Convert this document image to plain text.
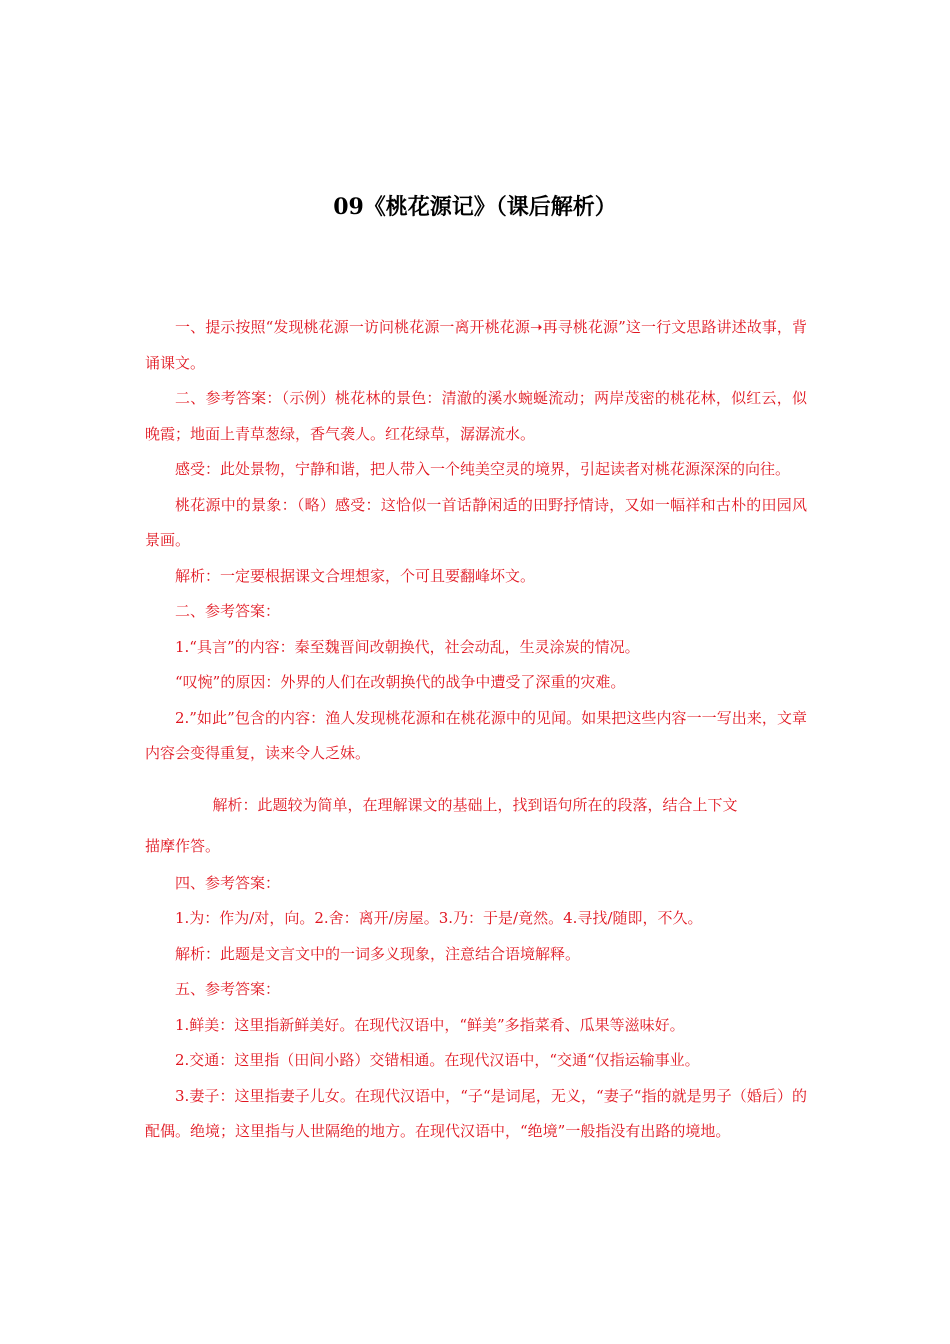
09《桃花源记》（课后解析）

一、提示按照“发现桃花源一访问桃花源一离开桃花源➝再寻桃花源”这一行文思路讲述故事，背诵课文。

二、参考答案：（示例）桃花林的景色：清澈的溪水蜿蜒流动；两岸茂密的桃花林，似红云，似晚霞；地面上青草葱绿，香气袭人。红花绿草，潺潺流水。

感受：此处景物，宁静和谐，把人带入一个纯美空灵的境界，引起读者对桃花源深深的向往。

桃花源中的景象：（略）感受：这恰似一首话静闲适的田野抒情诗，又如一幅祥和古朴的田园风景画。

解析：一定要根据课文合埋想家，个可且要翻峰坏文。

二、参考答案：

1.“具言”的内容：秦至魏晋间改朝换代，社会动乱，生灵涂炭的情况。

“叹惋”的原因：外界的人们在改朝换代的战争中遭受了深重的灾难。

2.”如此”包含的内容：渔人发现桃花源和在桃花源中的见闻。如果把这些内容一一写出来，文章内容会变得重复，读来令人乏妹。

解析：此题较为简单，在理解课文的基础上，找到语句所在的段落，结合上下文

描摩作答。

四、参考答案：

1.为：作为/对，向。2.舍：离开/房屋。3.乃：于是/竟然。4.寻找/随即，不久。

解析：此题是文言文中的一词多义现象，注意结合语境解释。

五、参考答案：

1.鲜美：这里指新鲜美好。在现代汉语中，“鲜美”多指菜肴、瓜果等滋味好。

2.交通：这里指（田间小路）交错相通。在现代汉语中，“交通“仅指运输事业。

3.妻子：这里指妻子儿女。在现代汉语中，“子“是词尾，无义，“妻子“指的就是男子（婚后）的配偶。绝境；这里指与人世隔绝的地方。在现代汉语中，“绝境”一般指没有出路的境地。
